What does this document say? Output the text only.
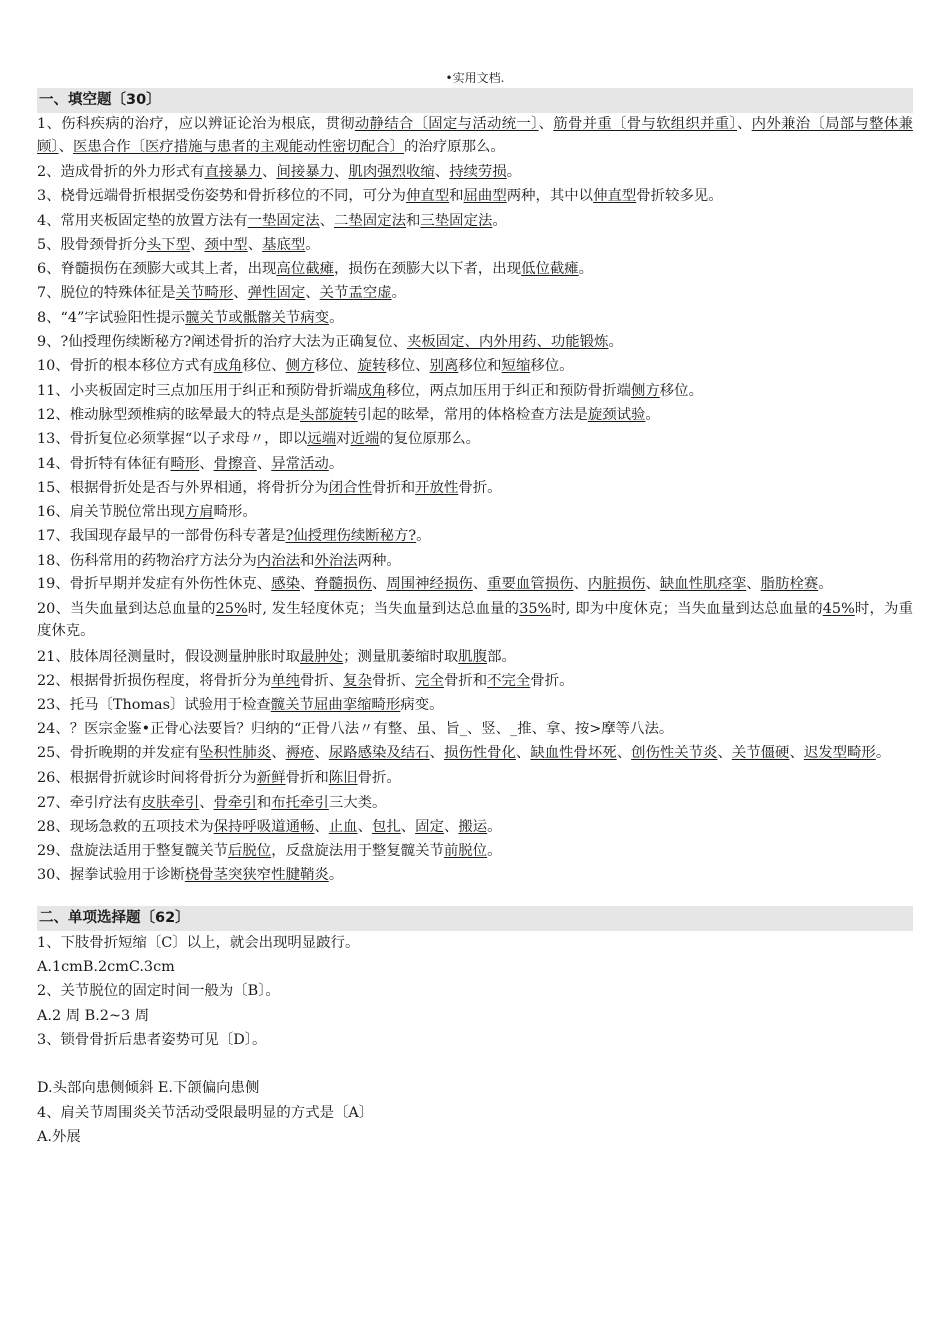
•实用文档.

一、填空题〔30〕

1、伤科疾病的治疗，应以辨证论治为根底，贯彻动静结合〔固定与活动统一〕、筋骨并重〔骨与软组织并重〕、内外兼治〔局部与整体兼顾〕、医患合作〔医疗措施与患者的主观能动性密切配合〕的治疗原那么。

2、造成骨折的外力形式有直接暴力、间接暴力、肌肉强烈收缩、持续劳损。

3、桡骨远端骨折根据受伤姿势和骨折移位的不同，可分为伸直型和屈曲型两种，其中以伸直型骨折较多见。

4、常用夹板固定垫的放置方法有一垫固定法、二垫固定法和三垫固定法。

5、股骨颈骨折分头下型、颈中型、基底型。

6、脊髓损伤在颈膨大或其上者，出现高位截瘫，损伤在颈膨大以下者，出现低位截瘫。

7、脱位的特殊体征是关节畸形、弹性固定、关节盂空虚。

8、“4”字试验阳性提示髋关节或骶髂关节病变。

9、?仙授理伤续断秘方?阐述骨折的治疗大法为正确复位、夹板固定、内外用药、功能锻炼。

10、骨折的根本移位方式有成角移位、侧方移位、旋转移位、别离移位和短缩移位。

11、小夹板固定时三点加压用于纠正和预防骨折端成角移位，两点加压用于纠正和预防骨折端侧方移位。

12、椎动脉型颈椎病的眩晕最大的特点是头部旋转引起的眩晕，常用的体格检查方法是旋颈试验。

13、骨折复位必须掌握“以子求母〃，即以远端对近端的复位原那么。

14、骨折特有体征有畸形、骨擦音、异常活动。

15、根据骨折处是否与外界相通，将骨折分为闭合性骨折和开放性骨折。

16、肩关节脱位常出现方肩畸形。

17、我国现存最早的一部骨伤科专著是?仙授理伤续断秘方?。

18、伤科常用的药物治疗方法分为内治法和外治法两种。

19、骨折早期并发症有外伤性休克、感染、脊髓损伤、周围神经损伤、重要血管损伤、内脏损伤、缺血性肌痉挛、脂肪栓赛。

20、当失血量到达总血量的25%时, 发生轻度休克；当失血量到达总血量的35%时, 即为中度休克；当失血量到达总血量的45%时，为重度休克。

21、肢体周径测量时，假设测量肿胀时取最肿处；测量肌萎缩时取肌腹部。

22、根据骨折损伤程度，将骨折分为单纯骨折、复杂骨折、完全骨折和不完全骨折。

23、托马〔Thomas〕试验用于检查髋关节屈曲挛缩畸形病变。

24、？医宗金鉴•正骨心法要旨？归纳的“正骨八法〃有整、虽、旨_、竖、_推、拿、按>摩等八法。

25、骨折晚期的并发症有坠积性肺炎、褥疮、尿路感染及结石、损伤性骨化、缺血性骨坏死、创伤性关节炎、关节僵硬、迟发型畸形。

26、根据骨折就诊时间将骨折分为新鲜骨折和陈旧骨折。

27、牵引疗法有皮肤牵引、骨牵引和布托牵引三大类。

28、现场急救的五项技术为保持呼吸道通畅、止血、包扎、固定、搬运。

29、盘旋法适用于整复髋关节后脱位，反盘旋法用于整复髋关节前脱位。

30、握拳试验用于诊断桡骨茎突狭窄性腱鞘炎。

二、单项选择题〔62〕

1、下肢骨折短缩〔C〕以上，就会出现明显跛行。

A.1cmB.2cmC.3cm

2、关节脱位的固定时间一般为〔B〕。

A.2 周 B.2~3 周

3、锁骨骨折后患者姿势可见〔D〕。

D.头部向患侧倾斜 E.下颌偏向患侧

4、肩关节周围炎关节活动受限最明显的方式是〔A〕

A.外展
